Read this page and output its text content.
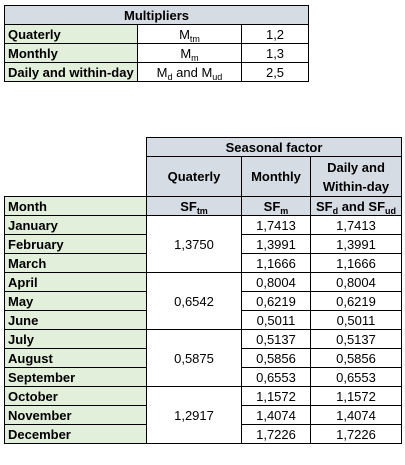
Multipliers		
Quaterly	$M_{tm}$	1,2
Monthly	$M_m$	1,3
Daily and within-day	$M_d$ and $M_{ud}$	2,5
	Seasonal factor		
	Quaterly	Monthly	Daily and
Within-day
Month	$SF_{tm}$	$SF_m$	$SF_d$ and $SF_{ud}$
January	1,3750	1,7413	1,7413
February		1,3991	1,3991
March		1,1666	1,1666
April	0,6542	0,8004	0,8004
May		0,6219	0,6219
June		0,5011	0,5011
July	0,5875	0,5137	0,5137
August		0,5856	0,5856
September		0,6553	0,6553
October	1,2917	1,1572	1,1572
November		1,4074	1,4074
December		1,7226	1,7226
